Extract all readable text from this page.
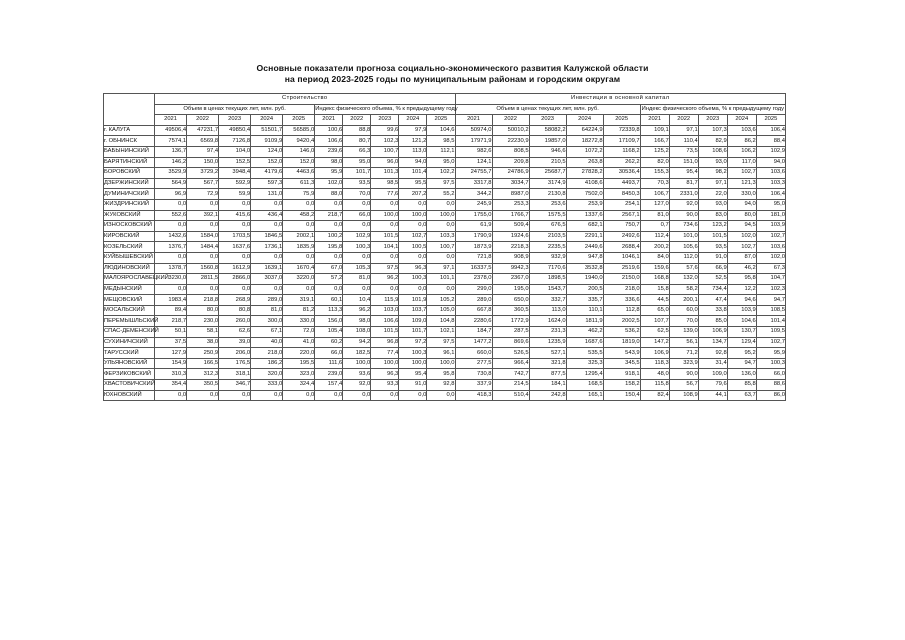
Основные показатели прогноза социально-экономического развития Калужской области
на период 2023-2025 годы по муниципальным районам и городским округам
	Строительство										Инвестиции в основной капитал									
	Объем в ценах текущих лет, млн. руб.					Индекс физического объема, % к предыдущему году					Объем в ценах текущих лет, млн. руб.					Индекс физического объема, % к предыдущему году				
	2021	2022	2023	2024	2025	2021	2022	2023	2024	2025	2021	2022	2023	2024	2025	2021	2022	2023	2024	2025
г. КАЛУГА	49506,4	47231,7	49850,4	51501,7	56585,0	100,6	88,8	99,6	97,9	104,6	50974,0	50010,2	58082,2	64224,9	72339,8	109,1	97,1	107,3	103,6	106,4
г. ОБНИНСК	7574,1	6569,8	7126,8	9109,9	9420,4	106,6	80,7	102,3	121,2	98,5	17971,9	22230,9	19857,0	18272,8	17109,7	166,7	110,4	82,9	86,2	88,4
БАБЫНИНСКИЙ	136,7	97,4	104,0	124,0	146,0	239,6	66,3	100,7	113,0	112,1	982,6	808,5	946,6	1072,2	1168,2	125,2	73,5	108,6	106,2	102,9
БАРЯТИНСКИЙ	146,2	150,0	152,5	152,0	152,0	98,0	95,0	96,0	94,0	95,0	124,1	209,8	210,5	263,8	262,2	82,0	151,0	93,0	117,0	94,0
БОРОВСКИЙ	3529,9	3729,2	3948,4	4179,6	4463,6	95,9	101,7	101,3	101,4	102,2	24755,7	24786,9	25687,7	27828,2	30536,4	155,3	95,4	98,2	102,7	103,6
ДЗЕРЖИНСКИЙ	564,9	567,7	592,9	597,3	611,3	102,0	93,5	98,5	95,5	97,5	3317,8	3034,7	3174,9	4108,6	4493,7	70,3	81,7	97,1	121,3	103,3
ДУМИНИЧСКИЙ	96,9	72,9	59,9	131,0	75,9	88,0	70,0	77,6	207,2	55,2	344,2	8987,0	2130,8	7502,0	8450,3	106,7	2331,0	22,0	330,0	106,4
ЖИЗДРИНСКИЙ	0,0	0,0	0,0	0,0	0,0	0,0	0,0	0,0	0,0	0,0	245,9	253,3	253,6	253,9	254,1	127,0	92,0	93,0	94,0	95,0
ЖУКОВСКИЙ	552,6	392,1	415,6	436,4	458,2	218,7	66,0	100,0	100,0	100,0	1755,0	1766,7	1575,5	1337,6	2567,1	81,0	90,0	83,0	80,0	181,0
ИЗНОСКОВСКИЙ	0,0	0,0	0,0	0,0	0,0	0,0	0,0	0,0	0,0	0,0	61,9	509,4	676,5	682,1	750,7	0,7	734,6	123,2	94,5	103,9
КИРОВСКИЙ	1432,6	1584,0	1703,5	1846,5	2002,1	100,2	102,9	101,5	102,7	103,3	1790,9	1924,6	2103,5	2291,1	2492,6	112,4	101,0	101,5	102,0	102,7
КОЗЕЛЬСКИЙ	1376,7	1484,4	1637,6	1736,1	1835,9	195,8	100,3	104,1	100,5	100,7	1873,9	2218,3	2235,5	2449,6	2688,4	200,2	105,6	93,5	102,7	103,6
КУЙБЫШЕВСКИЙ	0,0	0,0	0,0	0,0	0,0	0,0	0,0	0,0	0,0	0,0	721,8	908,9	932,9	947,8	1046,1	84,0	112,0	91,0	87,0	102,0
ЛЮДИНОВСКИЙ	1378,7	1560,8	1612,9	1639,1	1670,4	67,0	105,3	97,5	96,3	97,1	16337,5	9942,3	7170,6	3532,8	2519,6	159,6	57,6	66,9	46,2	67,3
МАЛОЯРОСЛАВЕЦКИЙ	3230,0	2811,5	2866,0	3037,0	3220,0	57,2	81,0	96,2	100,3	101,1	2378,0	2367,0	1898,5	1940,0	2150,0	168,8	132,0	52,5	95,8	104,7
МЕДЫНСКИЙ	0,0	0,0	0,0	0,0	0,0	0,0	0,0	0,0	0,0	0,0	299,0	195,0	1543,7	200,5	218,0	15,8	58,2	734,4	12,2	102,3
МЕЩОВСКИЙ	1983,4	218,8	268,9	289,0	319,1	60,1	10,4	115,9	101,9	105,2	289,0	650,0	332,7	335,7	336,6	44,5	200,1	47,4	94,6	94,7
МОСАЛЬСКИЙ	89,4	80,0	80,8	81,0	81,2	113,3	96,2	103,0	103,7	105,0	667,8	360,5	113,0	110,1	112,8	65,0	60,0	33,8	103,9	108,5
ПЕРЕМЫШЛЬСКИЙ	218,7	230,0	260,0	300,0	330,0	156,0	98,0	106,6	109,0	104,8	2280,6	1772,9	1624,0	1811,9	2002,5	107,7	70,0	85,0	104,6	101,4
СПАС-ДЕМЕНСКИЙ	50,1	58,1	62,6	67,1	72,0	105,4	108,0	101,5	101,7	102,1	184,7	287,5	231,3	462,2	536,2	62,5	139,0	106,9	130,7	109,5
СУХИНИЧСКИЙ	37,5	38,0	39,0	40,0	41,0	60,2	94,2	96,8	97,2	97,5	1477,2	869,6	1235,9	1687,6	1819,0	147,2	56,1	134,7	129,4	102,7
ТАРУССКИЙ	127,9	250,9	206,0	218,0	220,0	66,0	182,5	77,4	100,3	96,1	660,0	526,5	527,1	535,5	543,9	106,9	71,2	92,8	95,2	95,9
УЛЬЯНОВСКИЙ	154,9	166,5	176,5	186,2	195,5	111,6	100,0	100,0	100,0	100,0	277,5	966,4	321,8	325,3	345,5	118,3	323,9	31,4	94,7	100,3
ФЕРЗИКОВСКИЙ	310,3	312,3	318,1	320,0	323,0	239,0	93,6	96,3	95,4	95,8	730,8	742,7	877,5	1295,4	918,1	48,0	90,0	109,0	136,0	66,0
ХВАСТОВИЧСКИЙ	354,4	350,5	346,7	333,0	324,4	157,4	92,0	93,3	91,0	92,8	337,9	214,5	184,1	168,5	158,2	115,8	56,7	79,6	85,8	88,6
ЮХНОВСКИЙ	0,0	0,0	0,0	0,0	0,0	0,0	0,0	0,0	0,0	0,0	418,3	510,4	242,8	165,1	150,4	82,4	108,9	44,1	63,7	86,0
